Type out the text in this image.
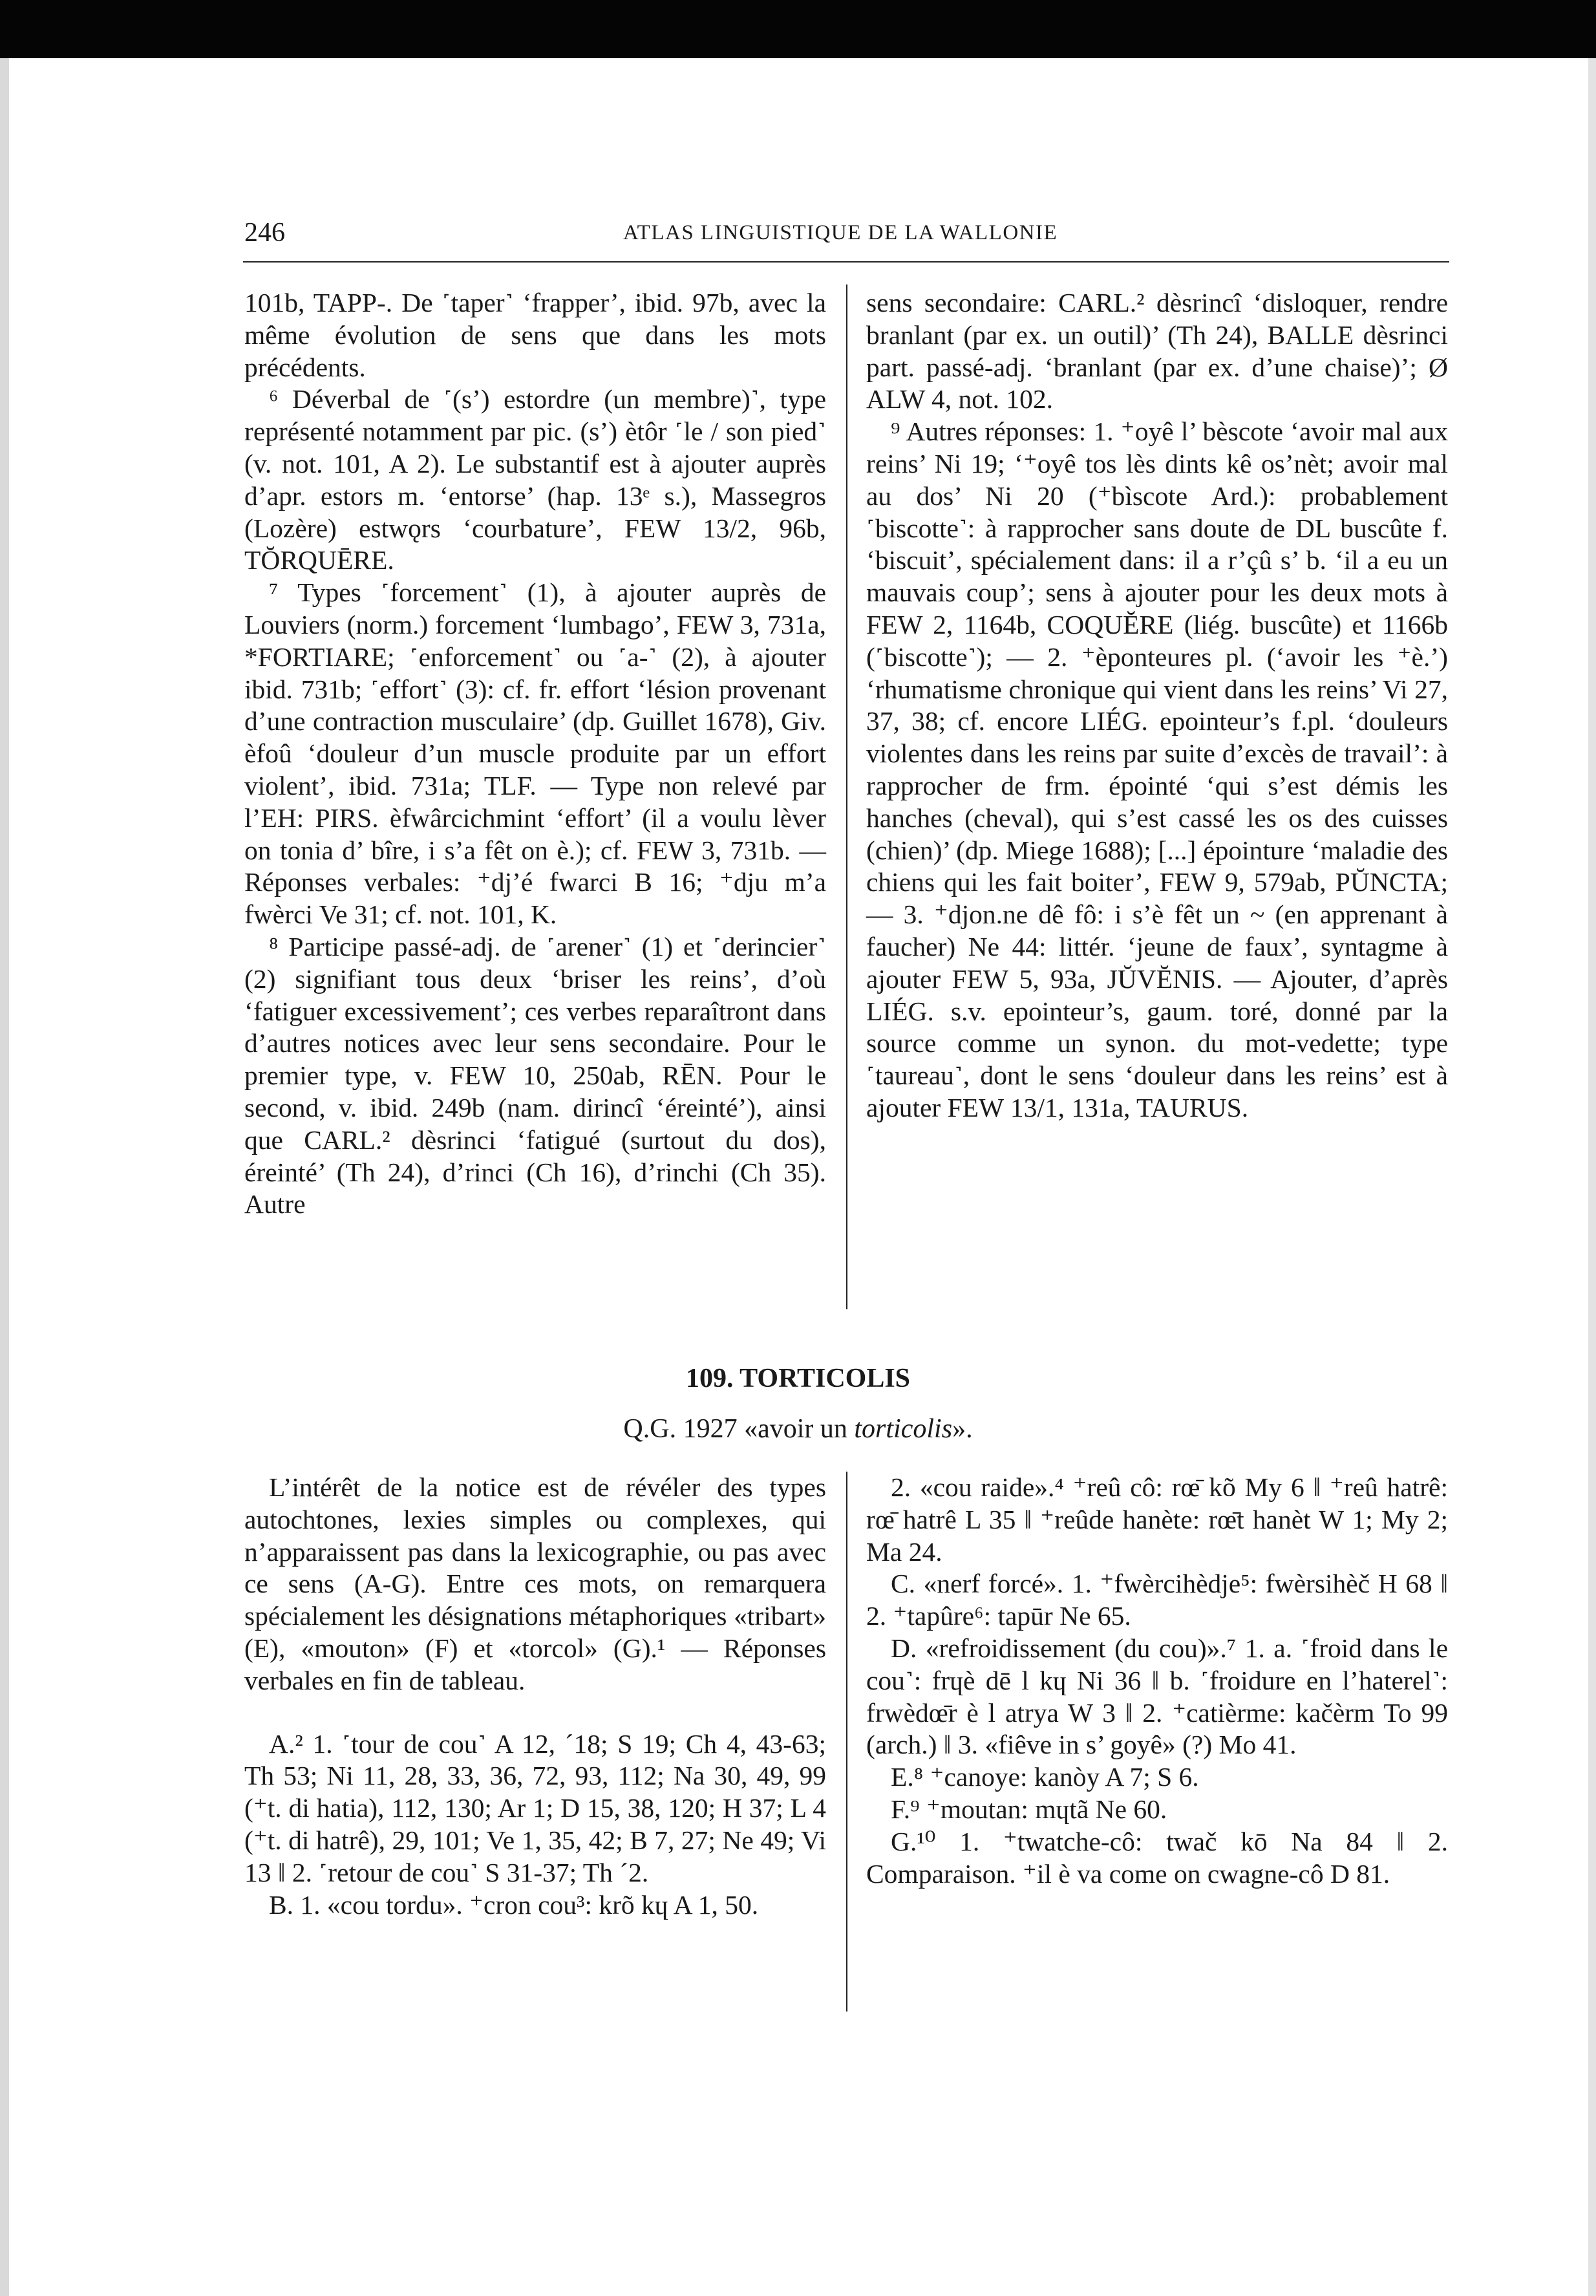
246	ATLAS LINGUISTIQUE DE LA WALLONIE

101b, TAPP-. De ˹taper˺ ‘frapper’, ibid. 97b, avec la même évolution de sens que dans les mots précédents.

⁶ Déverbal de ˹(s’) estordre (un membre)˺, type représenté notamment par pic. (s’) ètôr ˹le / son pied˺ (v. not. 101, A 2). Le substantif est à ajouter auprès d’apr. estors m. ‘entorse’ (hap. 13ᵉ s.), Massegros (Lozère) estwǫrs ‘courbature’, FEW 13/2, 96b, TŎRQUĒRE.

⁷ Types ˹forcement˺ (1), à ajouter auprès de Louviers (norm.) forcement ‘lumbago’, FEW 3, 731a, *FORTIARE; ˹enforcement˺ ou ˹a-˺ (2), à ajouter ibid. 731b; ˹effort˺ (3): cf. fr. effort ‘lésion provenant d’une contraction musculaire’ (dp. Guillet 1678), Giv. èfoû ‘douleur d’un muscle produite par un effort violent’, ibid. 731a; TLF. — Type non relevé par l’EH: PIRS. èfwârcichmint ‘effort’ (il a voulu lèver on tonia d’ bîre, i s’a fêt on è.); cf. FEW 3, 731b. — Réponses verbales: ⁺dj’é fwarci B 16; ⁺dju m’a fwèrci Ve 31; cf. not. 101, K.

⁸ Participe passé-adj. de ˹arener˺ (1) et ˹derincier˺ (2) signifiant tous deux ‘briser les reins’, d’où ‘fatiguer excessivement’; ces verbes reparaîtront dans d’autres notices avec leur sens secondaire. Pour le premier type, v. FEW 10, 250ab, RĒN. Pour le second, v. ibid. 249b (nam. dirincî ‘éreinté’), ainsi que CARL.² dèsrinci ‘fatigué (surtout du dos), éreinté’ (Th 24), d’rinci (Ch 16), d’rinchi (Ch 35). Autre

sens secondaire: CARL.² dèsrincî ‘disloquer, rendre branlant (par ex. un outil)’ (Th 24), BALLE dèsrinci part. passé-adj. ‘branlant (par ex. d’une chaise)’; Ø ALW 4, not. 102.

⁹ Autres réponses: 1. ⁺oyê l’ bèscote ‘avoir mal aux reins’ Ni 19; ‘⁺oyê tos lès dints kê os’nèt; avoir mal au dos’ Ni 20 (⁺bìscote Ard.): probablement ˹biscotte˺: à rapprocher sans doute de DL buscûte f. ‘biscuit’, spécialement dans: il a r’çû s’ b. ‘il a eu un mauvais coup’; sens à ajouter pour les deux mots à FEW 2, 1164b, COQUĔRE (liég. buscûte) et 1166b (˹biscotte˺); — 2. ⁺èponteures pl. (‘avoir les ⁺è.’) ‘rhumatisme chronique qui vient dans les reins’ Vi 27, 37, 38; cf. encore LIÉG. epointeur’s f.pl. ‘douleurs violentes dans les reins par suite d’excès de travail’: à rapprocher de frm. épointé ‘qui s’est démis les hanches (cheval), qui s’est cassé les os des cuisses (chien)’ (dp. Miege 1688); [...] épointure ‘maladie des chiens qui les fait boiter’, FEW 9, 579ab, PŬNCTA; — 3. ⁺djon.ne dê fô: i s’è fêt un ~ (en apprenant à faucher) Ne 44: littér. ‘jeune de faux’, syntagme à ajouter FEW 5, 93a, JŬVĔNIS. — Ajouter, d’après LIÉG. s.v. epointeur’s, gaum. toré, donné par la source comme un synon. du mot-vedette; type ˹taureau˺, dont le sens ‘douleur dans les reins’ est à ajouter FEW 13/1, 131a, TAURUS.

109. TORTICOLIS
Q.G. 1927 «avoir un torticolis».

L’intérêt de la notice est de révéler des types autochtones, lexies simples ou complexes, qui n’apparaissent pas dans la lexicographie, ou pas avec ce sens (A-G). Entre ces mots, on remarquera spécialement les désignations métaphoriques «tribart» (E), «mouton» (F) et «torcol» (G).¹ — Réponses verbales en fin de tableau.

A.² 1. ˹tour de cou˺ A 12, ´18; S 19; Ch 4, 43-63; Th 53; Ni 11, 28, 33, 36, 72, 93, 112; Na 30, 49, 99 (⁺t. di hatia), 112, 130; Ar 1; D 15, 38, 120; H 37; L 4 (⁺t. di hatrê), 29, 101; Ve 1, 35, 42; B 7, 27; Ne 49; Vi 13 ‖ 2. ˹retour de cou˺ S 31-37; Th ´2.

B. 1. «cou tordu». ⁺cron cou³: krõ kɥ A 1, 50.

2. «cou raide».⁴ ⁺reû cô: rœ̄ kõ My 6 ‖ ⁺reû hatrê: rœ̄ hatrê L 35 ‖ ⁺reûde hanète: rœ̄t hanèt W 1; My 2; Ma 24.

C. «nerf forcé». 1. ⁺fwèrcihèdje⁵: fwèrsihèč H 68 ‖ 2. ⁺tapûre⁶: tapūr Ne 65.

D. «refroidissement (du cou)».⁷ 1. a. ˹froid dans le cou˺: frɥè dē l kɥ Ni 36 ‖ b. ˹froidure en l’haterel˺: frwèdœ̄r è l atrya W 3 ‖ 2. ⁺catièrme: kačèrm To 99 (arch.) ‖ 3. «fiêve in s’ goyê» (?) Mo 41.

E.⁸ ⁺canoye: kanòy A 7; S 6.

F.⁹ ⁺moutan: mɥtã Ne 60.

G.¹⁰ 1. ⁺twatche-cô: twač kō Na 84 ‖ 2. Comparaison. ⁺il è va come on cwagne-cô D 81.
